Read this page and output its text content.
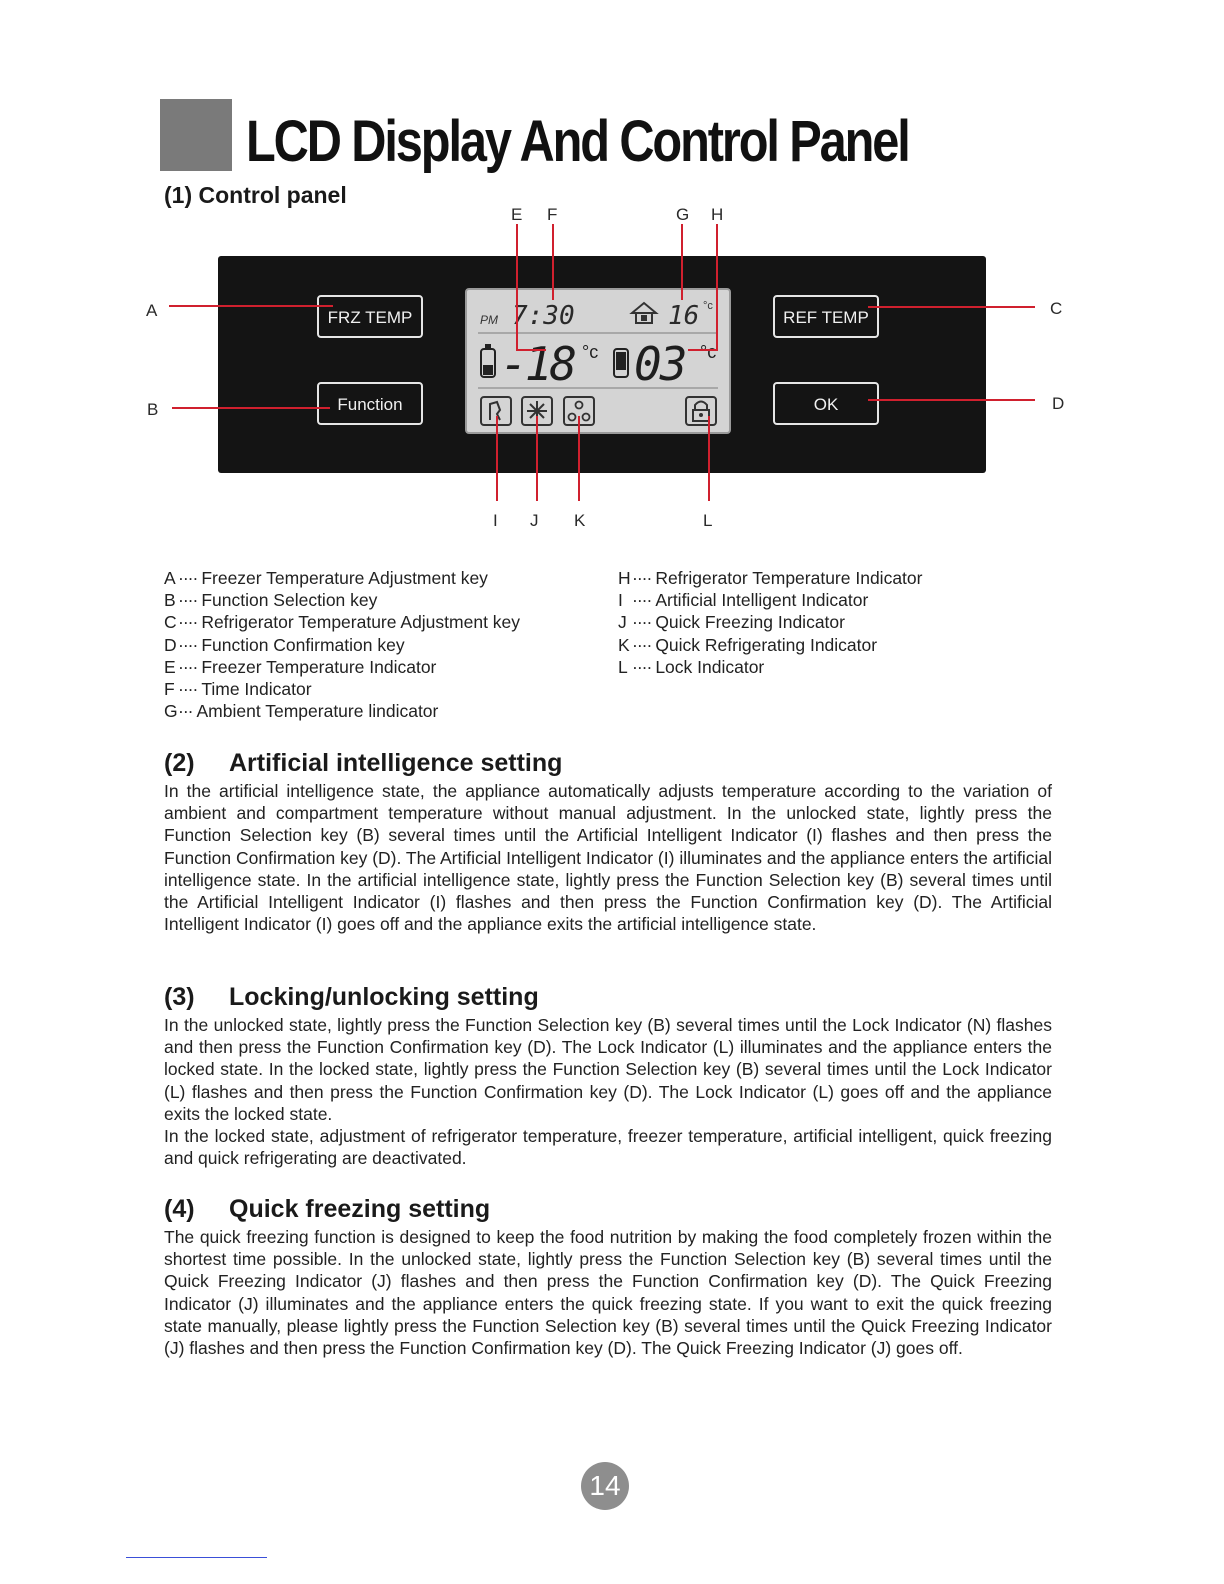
LCD Display And Control Panel
(1) Control panel
FRZ TEMP
Function
REF TEMP
OK
PM 7:30	16 °c
-18 °c 03 °c
A
B
C
D
E F	G H
I J K	L
A ···· Freezer Temperature Adjustment key
B ···· Function Selection key
C···· Refrigerator Temperature Adjustment key
D···· Function Confirmation key
E ···· Freezer Temperature Indicator
F ···· Time Indicator
G··· Ambient Temperature lindicator
H···· Refrigerator Temperature Indicator
I ···· Artificial Intelligent Indicator
J ···· Quick Freezing Indicator
K ···· Quick Refrigerating Indicator
L ···· Lock Indicator
(2) Artificial intelligence setting

In the artificial intelligence state, the appliance automatically adjusts temperature according to the variation of ambient and compartment temperature without manual adjustment. In the unlocked state, lightly press the Function Selection key (B) several times until the Artificial Intelligent Indicator (I) flashes and then press the Function Confirmation key (D). The Artificial Intelligent Indicator (I) illuminates and the appliance enters the artificial intelligence state. In the artificial intelligence state, lightly press the Function Selection key (B) several times until the Artificial Intelligent Indicator (I) flashes and then press the Function Confirmation key (D). The Artificial Intelligent Indicator (I) goes off and the appliance exits the artificial intelligence state.

(3) Locking/unlocking setting

In the unlocked state, lightly press the Function Selection key (B) several times until the Lock Indicator (N) flashes and then press the Function Confirmation key (D). The Lock Indicator (L) illuminates and the appliance enters the locked state. In the locked state, lightly press the Function Selection key (B) several times until the Lock Indicator (L) flashes and then press the Function Confirmation key (D). The Lock Indicator (L) goes off and the appliance exits the locked state.

In the locked state, adjustment of refrigerator temperature, freezer temperature, artificial intelligent, quick freezing and quick refrigerating are deactivated.

(4) Quick freezing setting

The quick freezing function is designed to keep the food nutrition by making the food completely frozen within the shortest time possible. In the unlocked state, lightly press the Function Selection key (B) several times until the Quick Freezing Indicator (J) flashes and then press the Function Confirmation key (D). The Quick Freezing Indicator (J) illuminates and the appliance enters the quick freezing state. If you want to exit the quick freezing state manually, please lightly press the Function Selection key (B) several times until the Quick Freezing Indicator (J) flashes and then press the Function Confirmation key (D). The Quick Freezing Indicator (J) goes off.

14
